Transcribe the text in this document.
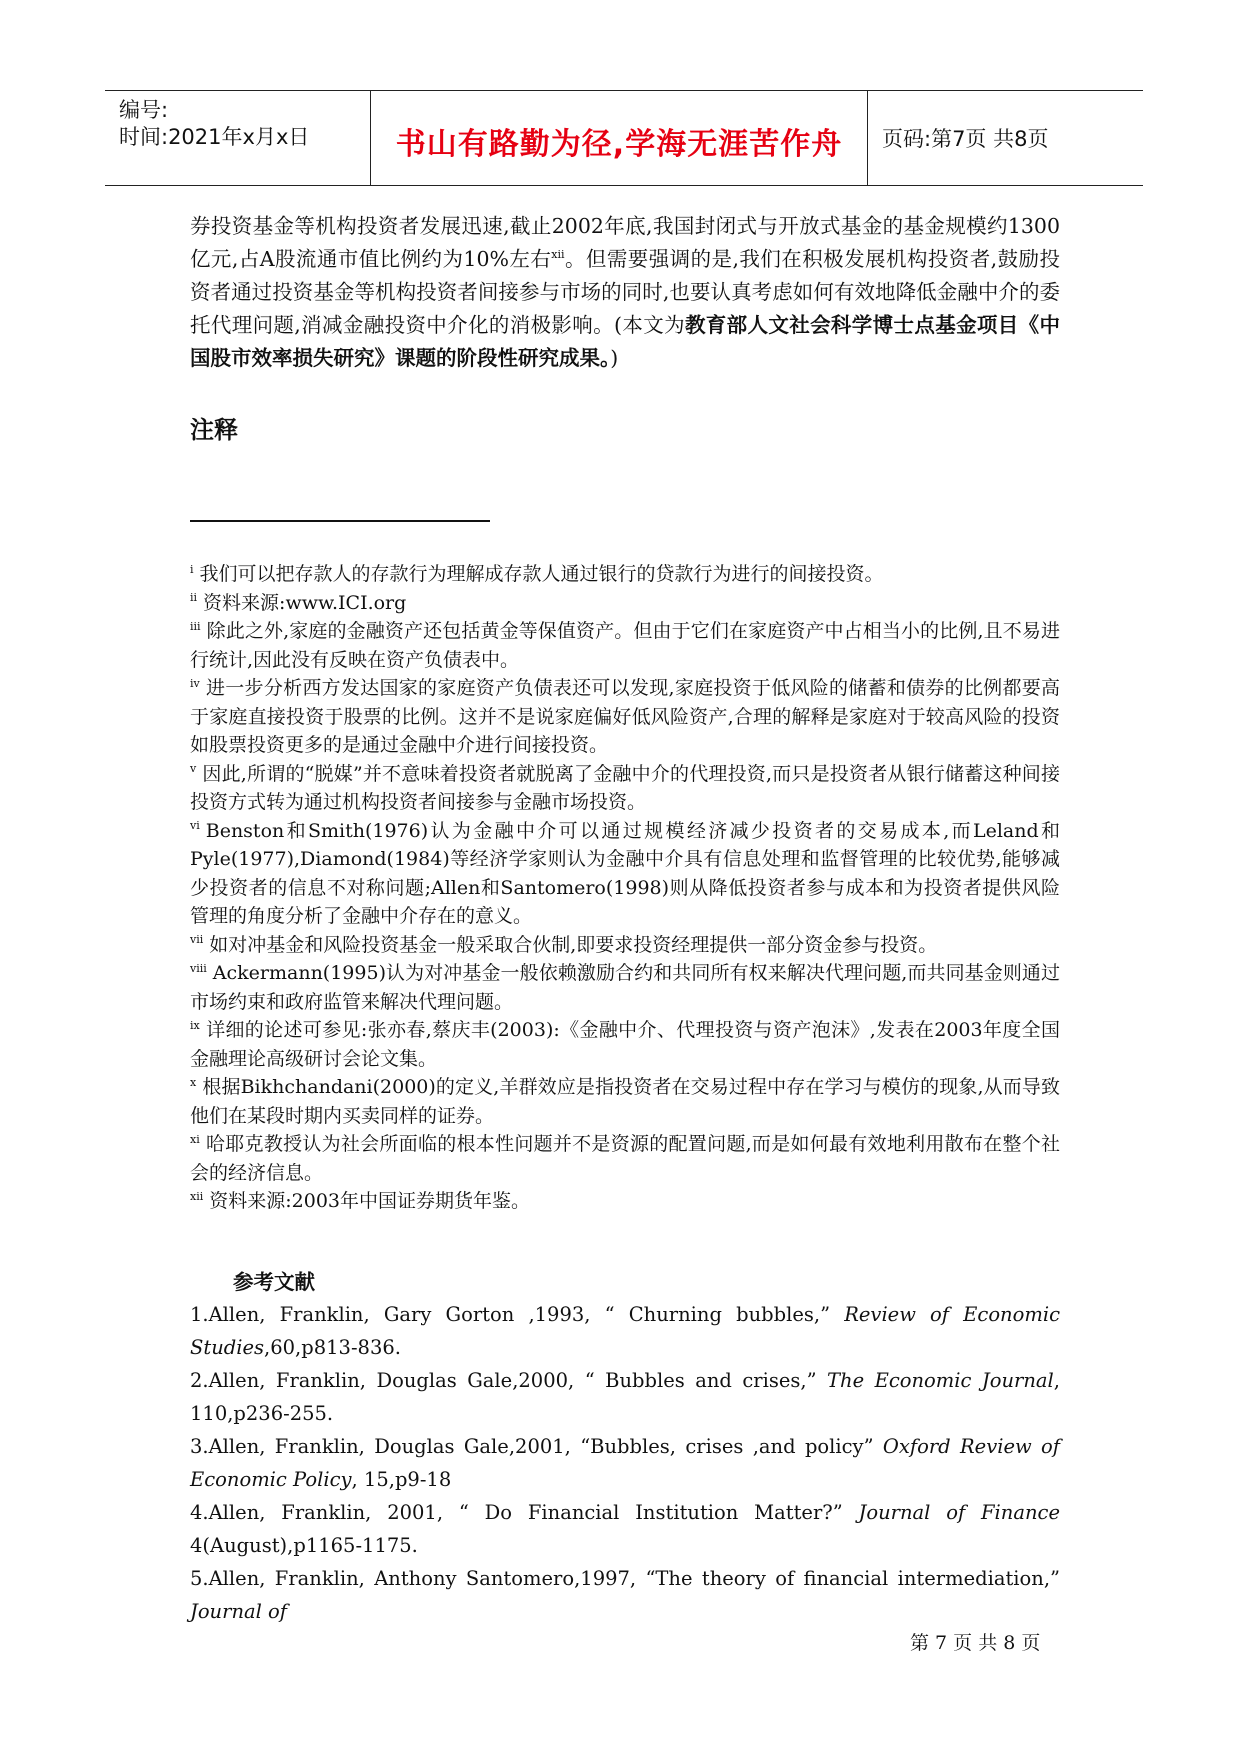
编号:
时间:2021年x月x日	书山有路勤为径,学海无涯苦作舟	页码:第7页 共8页
券投资基金等机构投资者发展迅速,截止2002年底,我国封闭式与开放式基金的基金规模约1300亿元,占A股流通市值比例约为10%左右$^{xii}$。但需要强调的是,我们在积极发展机构投资者,鼓励投资者通过投资基金等机构投资者间接参与市场的同时,也要认真考虑如何有效地降低金融中介的委托代理问题,消减金融投资中介化的消极影响。(本文为教育部人文社会科学博士点基金项目《中国股市效率损失研究》课题的阶段性研究成果。)
注释

$^i$ 我们可以把存款人的存款行为理解成存款人通过银行的贷款行为进行的间接投资。

$^{ii}$ 资料来源:www.ICI.org

$^{iii}$ 除此之外,家庭的金融资产还包括黄金等保值资产。但由于它们在家庭资产中占相当小的比例,且不易进行统计,因此没有反映在资产负债表中。

$^{iv}$ 进一步分析西方发达国家的家庭资产负债表还可以发现,家庭投资于低风险的储蓄和债券的比例都要高于家庭直接投资于股票的比例。这并不是说家庭偏好低风险资产,合理的解释是家庭对于较高风险的投资如股票投资更多的是通过金融中介进行间接投资。

$^v$ 因此,所谓的“脱媒”并不意味着投资者就脱离了金融中介的代理投资,而只是投资者从银行储蓄这种间接投资方式转为通过机构投资者间接参与金融市场投资。

$^{vi}$ Benston和Smith(1976)认为金融中介可以通过规模经济减少投资者的交易成本,而Leland和Pyle(1977),Diamond(1984)等经济学家则认为金融中介具有信息处理和监督管理的比较优势,能够减少投资者的信息不对称问题;Allen和Santomero(1998)则从降低投资者参与成本和为投资者提供风险管理的角度分析了金融中介存在的意义。

$^{vii}$ 如对冲基金和风险投资基金一般采取合伙制,即要求投资经理提供一部分资金参与投资。

$^{viii}$ Ackermann(1995)认为对冲基金一般依赖激励合约和共同所有权来解决代理问题,而共同基金则通过市场约束和政府监管来解决代理问题。

$^{ix}$ 详细的论述可参见:张亦春,蔡庆丰(2003):《金融中介、代理投资与资产泡沫》,发表在2003年度全国金融理论高级研讨会论文集。

$^x$ 根据Bikhchandani(2000)的定义,羊群效应是指投资者在交易过程中存在学习与模仿的现象,从而导致他们在某段时期内买卖同样的证券。

$^{xi}$ 哈耶克教授认为社会所面临的根本性问题并不是资源的配置问题,而是如何最有效地利用散布在整个社会的经济信息。

$^{xii}$ 资料来源:2003年中国证券期货年鉴。

参考文献

1.Allen, Franklin, Gary Gorton ,1993, “ Churning bubbles,” Review of Economic Studies,60,p813-836.

2.Allen, Franklin, Douglas Gale,2000, “ Bubbles and crises,” The Economic Journal, 110,p236-255.

3.Allen, Franklin, Douglas Gale,2001, “Bubbles, crises ,and policy” Oxford Review of Economic Policy, 15,p9-18

4.Allen, Franklin, 2001, “ Do Financial Institution Matter?” Journal of Finance 4(August),p1165-1175.

5.Allen, Franklin, Anthony Santomero,1997, “The theory of financial intermediation,” Journal of

第 7 页 共 8 页
